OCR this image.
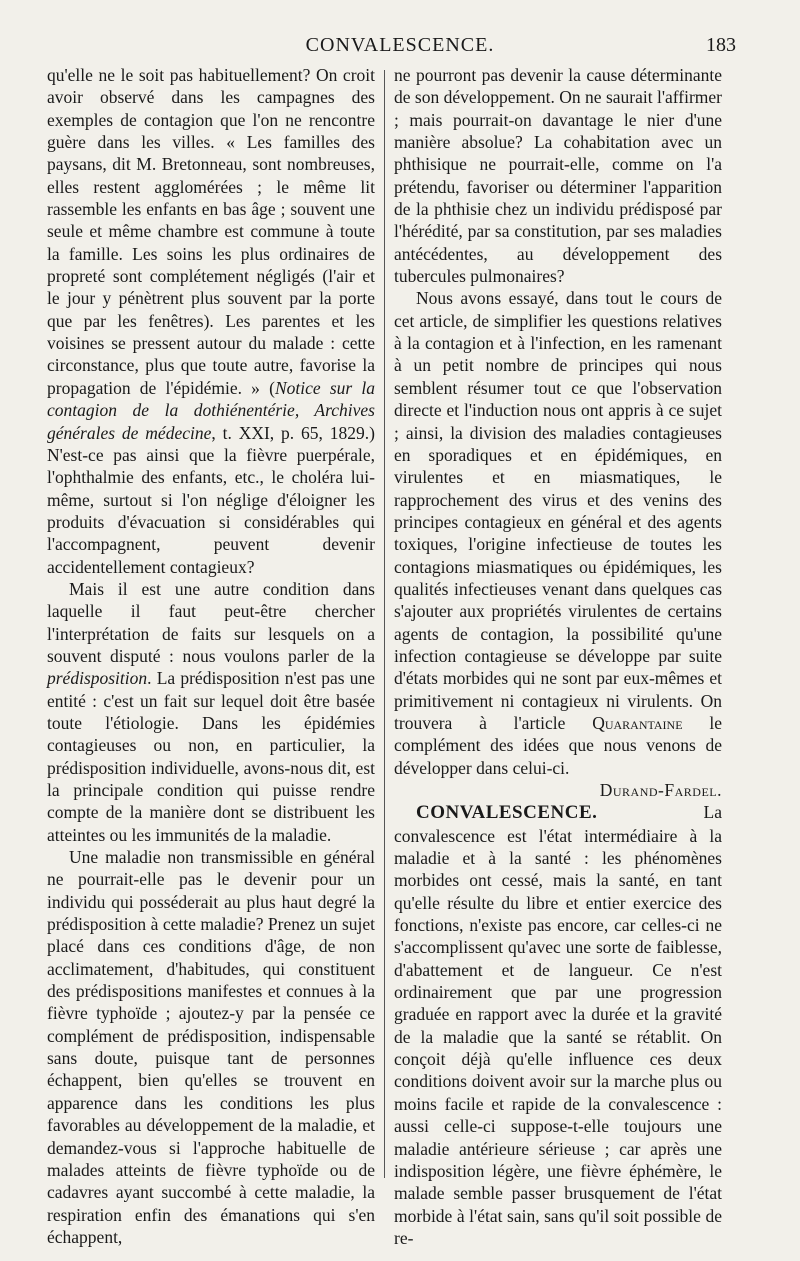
CONVALESCENCE.	183

qu'elle ne le soit pas habituellement? On croit avoir observé dans les campagnes des exemples de contagion que l'on ne rencontre guère dans les villes. « Les familles des paysans, dit M. Bretonneau, sont nombreuses, elles restent agglomérées ; le même lit rassemble les enfants en bas âge ; souvent une seule et même chambre est commune à toute la famille. Les soins les plus ordinaires de propreté sont complétement négligés (l'air et le jour y pénètrent plus souvent par la porte que par les fenêtres). Les parentes et les voisines se pressent autour du malade : cette circonstance, plus que toute autre, favorise la propagation de l'épidémie. » (Notice sur la contagion de la dothiénentérie, Archives générales de médecine, t. XXI, p. 65, 1829.) N'est-ce pas ainsi que la fièvre puerpérale, l'ophthalmie des enfants, etc., le choléra lui-même, surtout si l'on néglige d'éloigner les produits d'évacuation si considérables qui l'accompagnent, peuvent devenir accidentellement contagieux?

Mais il est une autre condition dans laquelle il faut peut-être chercher l'interprétation de faits sur lesquels on a souvent disputé : nous voulons parler de la prédisposition. La prédisposition n'est pas une entité : c'est un fait sur lequel doit être basée toute l'étiologie. Dans les épidémies contagieuses ou non, en particulier, la prédisposition individuelle, avons-nous dit, est la principale condition qui puisse rendre compte de la manière dont se distribuent les atteintes ou les immunités de la maladie.

Une maladie non transmissible en général ne pourrait-elle pas le devenir pour un individu qui posséderait au plus haut degré la prédisposition à cette maladie? Prenez un sujet placé dans ces conditions d'âge, de non acclimatement, d'habitudes, qui constituent des prédispositions manifestes et connues à la fièvre typhoïde ; ajoutez-y par la pensée ce complément de prédisposition, indispensable sans doute, puisque tant de personnes échappent, bien qu'elles se trouvent en apparence dans les conditions les plus favorables au développement de la maladie, et demandez-vous si l'approche habituelle de malades atteints de fièvre typhoïde ou de cadavres ayant succombé à cette maladie, la respiration enfin des émanations qui s'en échappent,

ne pourront pas devenir la cause déterminante de son développement. On ne saurait l'affirmer ; mais pourrait-on davantage le nier d'une manière absolue? La cohabitation avec un phthisique ne pourrait-elle, comme on l'a prétendu, favoriser ou déterminer l'apparition de la phthisie chez un individu prédisposé par l'hérédité, par sa constitution, par ses maladies antécédentes, au développement des tubercules pulmonaires?

Nous avons essayé, dans tout le cours de cet article, de simplifier les questions relatives à la contagion et à l'infection, en les ramenant à un petit nombre de principes qui nous semblent résumer tout ce que l'observation directe et l'induction nous ont appris à ce sujet ; ainsi, la division des maladies contagieuses en sporadiques et en épidémiques, en virulentes et en miasmatiques, le rapprochement des virus et des venins des principes contagieux en général et des agents toxiques, l'origine infectieuse de toutes les contagions miasmatiques ou épidémiques, les qualités infectieuses venant dans quelques cas s'ajouter aux propriétés virulentes de certains agents de contagion, la possibilité qu'une infection contagieuse se développe par suite d'états morbides qui ne sont par eux-mêmes et primitivement ni contagieux ni virulents. On trouvera à l'article Quarantaine le complément des idées que nous venons de développer dans celui-ci.

Durand-Fardel.

CONVALESCENCE. La convalescence est l'état intermédiaire à la maladie et à la santé : les phénomènes morbides ont cessé, mais la santé, en tant qu'elle résulte du libre et entier exercice des fonctions, n'existe pas encore, car celles-ci ne s'accomplissent qu'avec une sorte de faiblesse, d'abattement et de langueur. Ce n'est ordinairement que par une progression graduée en rapport avec la durée et la gravité de la maladie que la santé se rétablit. On conçoit déjà qu'elle influence ces deux conditions doivent avoir sur la marche plus ou moins facile et rapide de la convalescence : aussi celle-ci suppose-t-elle toujours une maladie antérieure sérieuse ; car après une indisposition légère, une fièvre éphémère, le malade semble passer brusquement de l'état morbide à l'état sain, sans qu'il soit possible de re-
